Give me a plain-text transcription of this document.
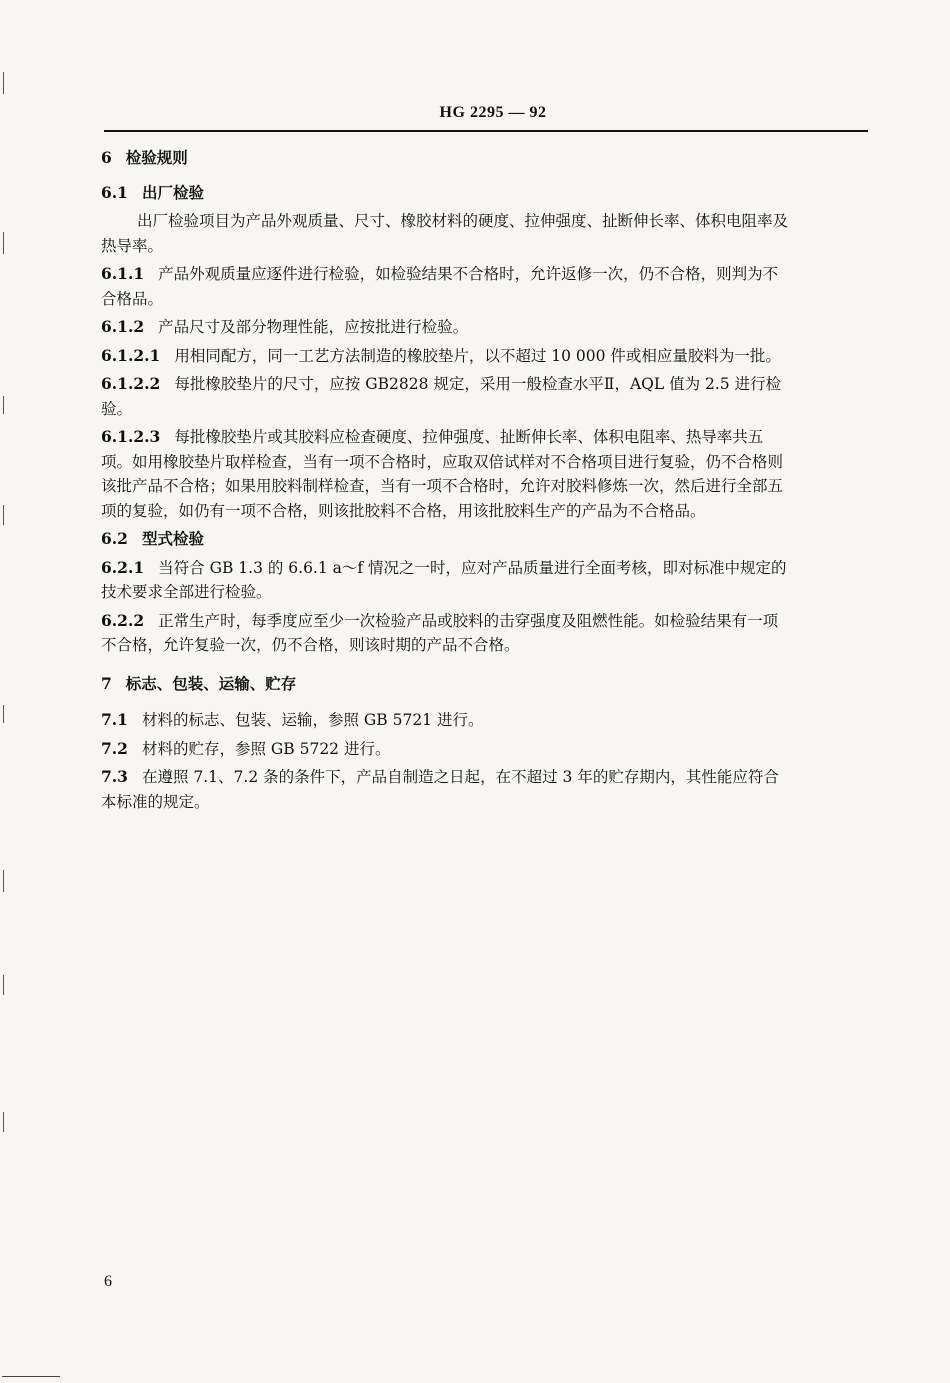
HG 2295 — 92
6 检验规则
6.1 出厂检验
出厂检验项目为产品外观质量、尺寸、橡胶材料的硬度、拉伸强度、扯断伸长率、体积电阻率及
热导率。
6.1.1 产品外观质量应逐件进行检验，如检验结果不合格时，允许返修一次，仍不合格，则判为不
合格品。
6.1.2 产品尺寸及部分物理性能，应按批进行检验。
6.1.2.1 用相同配方，同一工艺方法制造的橡胶垫片，以不超过 10 000 件或相应量胶料为一批。
6.1.2.2 每批橡胶垫片的尺寸，应按 GB2828 规定，采用一般检查水平Ⅱ，AQL 值为 2.5 进行检
验。
6.1.2.3 每批橡胶垫片或其胶料应检查硬度、拉伸强度、扯断伸长率、体积电阻率、热导率共五
项。如用橡胶垫片取样检查，当有一项不合格时，应取双倍试样对不合格项目进行复验，仍不合格则
该批产品不合格；如果用胶料制样检查，当有一项不合格时，允许对胶料修炼一次，然后进行全部五
项的复验，如仍有一项不合格，则该批胶料不合格，用该批胶料生产的产品为不合格品。
6.2 型式检验
6.2.1 当符合 GB 1.3 的 6.6.1 a～f 情况之一时，应对产品质量进行全面考核，即对标准中规定的
技术要求全部进行检验。
6.2.2 正常生产时，每季度应至少一次检验产品或胶料的击穿强度及阻燃性能。如检验结果有一项
不合格，允许复验一次，仍不合格，则该时期的产品不合格。
7 标志、包装、运输、贮存
7.1 材料的标志、包装、运输，参照 GB 5721 进行。
7.2 材料的贮存，参照 GB 5722 进行。
7.3 在遵照 7.1、7.2 条的条件下，产品自制造之日起，在不超过 3 年的贮存期内，其性能应符合
本标准的规定。
6
